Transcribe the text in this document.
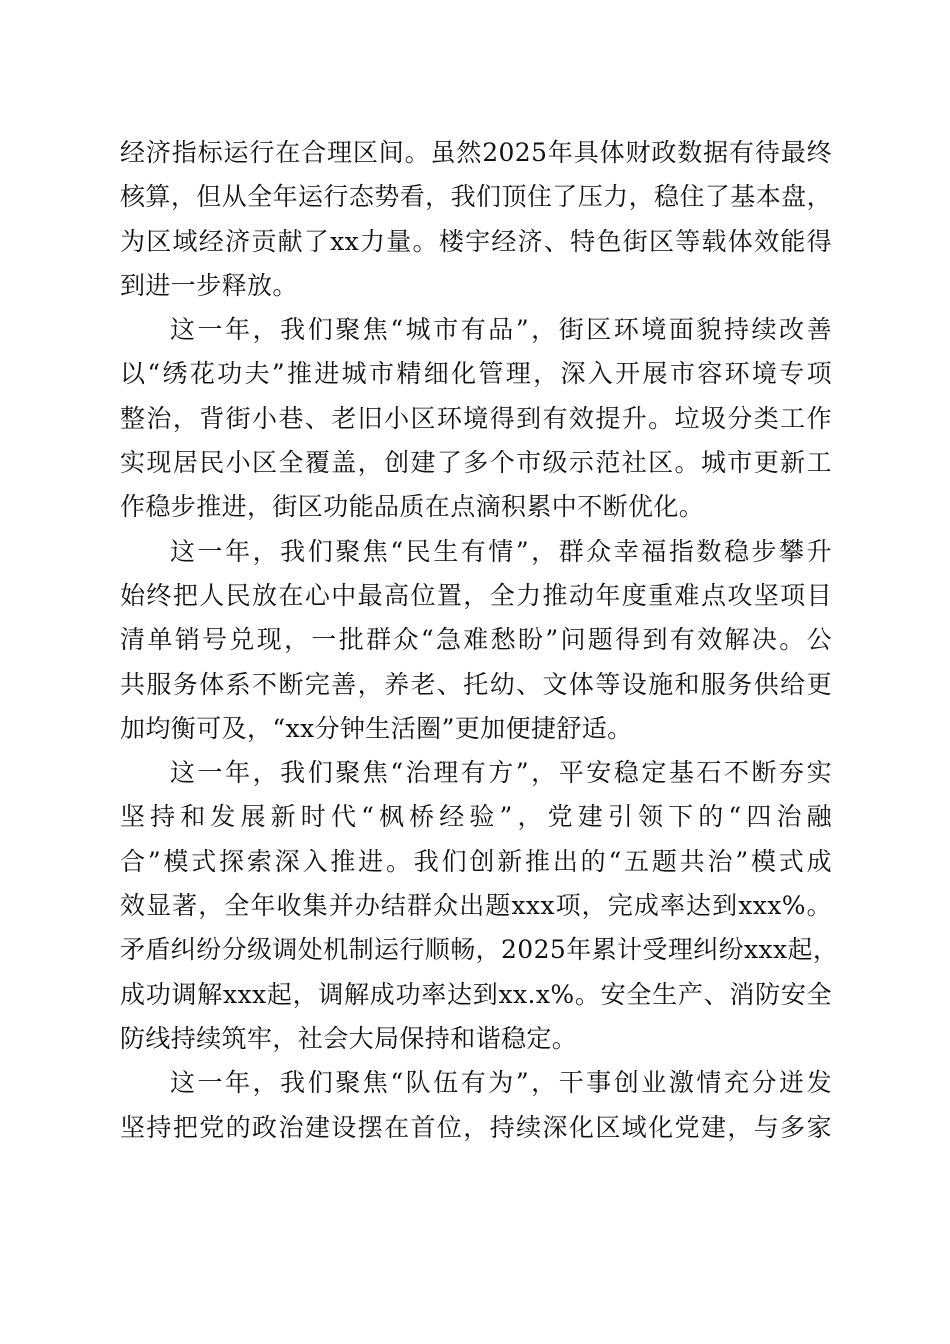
经济指标运行在合理区间。虽然2025年具体财政数据有待最终
核算，但从全年运行态势看，我们顶住了压力，稳住了基本盘，
为区域经济贡献了xx力量。楼宇经济、特色街区等载体效能得
到进一步释放。
这一年，我们聚焦“城市有品”，街区环境面貌持续改善
以“绣花功夫”推进城市精细化管理，深入开展市容环境专项
整治，背街小巷、老旧小区环境得到有效提升。垃圾分类工作
实现居民小区全覆盖，创建了多个市级示范社区。城市更新工
作稳步推进，街区功能品质在点滴积累中不断优化。
这一年，我们聚焦“民生有情”，群众幸福指数稳步攀升
始终把人民放在心中最高位置，全力推动年度重难点攻坚项目
清单销号兑现，一批群众“急难愁盼”问题得到有效解决。公
共服务体系不断完善，养老、托幼、文体等设施和服务供给更
加均衡可及，“xx分钟生活圈”更加便捷舒适。
这一年，我们聚焦“治理有方”，平安稳定基石不断夯实
坚持和发展新时代“枫桥经验”，党建引领下的“四治融
合”模式探索深入推进。我们创新推出的“五题共治”模式成
效显著，全年收集并办结群众出题xxx项，完成率达到xxx%。
矛盾纠纷分级调处机制运行顺畅，2025年累计受理纠纷xxx起，
成功调解xxx起，调解成功率达到xx.x%。安全生产、消防安全
防线持续筑牢，社会大局保持和谐稳定。
这一年，我们聚焦“队伍有为”，干事创业激情充分迸发
坚持把党的政治建设摆在首位，持续深化区域化党建，与多家
